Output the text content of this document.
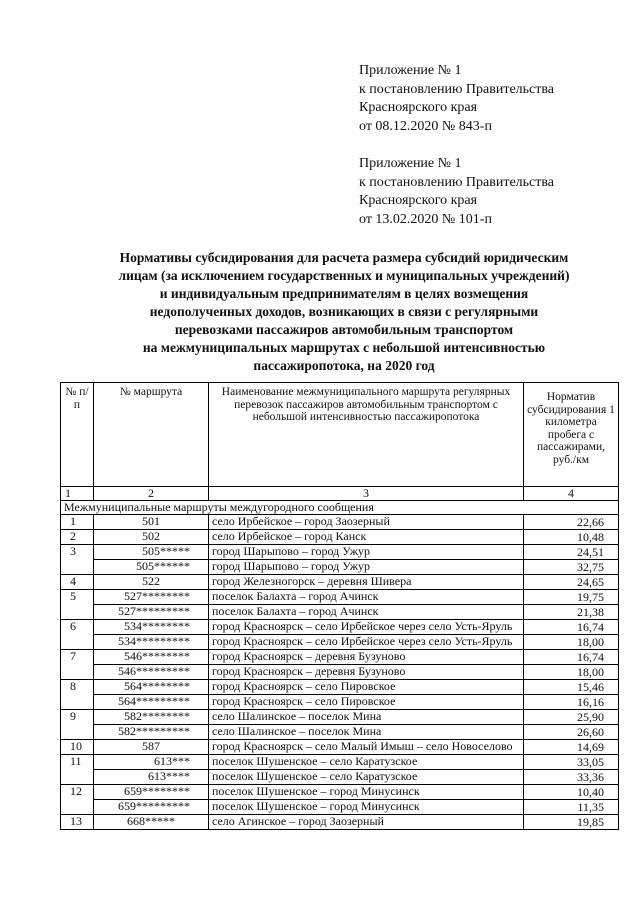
Приложение № 1
к постановлению Правительства
Красноярского края
от 08.12.2020 № 843-п
Приложение № 1
к постановлению Правительства
Красноярского края
от 13.02.2020 № 101-п
Нормативы субсидирования для расчета размера субсидий юридическим
лицам (за исключением государственных и муниципальных учреждений)
и индивидуальным предпринимателям в целях возмещения
недополученных доходов, возникающих в связи с регулярными
перевозками пассажиров автомобильным транспортом
на межмуниципальных маршрутах с небольшой интенсивностью
пассажиропотока, на 2020 год
№ п/п	№ маршрута	Наименование межмуниципального маршрута регулярных перевозок пассажиров автомобильным транспортом с небольшой интенсивностью пассажиропотока	Норматив субсидирования 1 километра пробега с пассажирами, руб./км
1	2	3	4
Межмуниципальные маршруты междугородного сообщения			
1	501	село Ирбейское – город Заозерный	22,66
2	502	село Ирбейское – город Канск	10,48
3	505*****	город Шарыпово – город Ужур	24,51
	505******	город Шарыпово – город Ужур	32,75
4	522	город Железногорск – деревня Шивера	24,65
5	527********	поселок Балахта – город Ачинск	19,75
	527*********	поселок Балахта – город Ачинск	21,38
6	534********	город Красноярск – село Ирбейское через село Усть-Яруль	16,74
	534*********	город Красноярск – село Ирбейское через село Усть-Яруль	18,00
7	546********	город Красноярск – деревня Бузуново	16,74
	546*********	город Красноярск – деревня Бузуново	18,00
8	564********	город Красноярск – село Пировское	15,46
	564*********	город Красноярск – село Пировское	16,16
9	582********	село Шалинское – поселок Мина	25,90
	582*********	село Шалинское – поселок Мина	26,60
10	587	город Красноярск – село Малый Имыш – село Новоселово	14,69
11	613***	поселок Шушенское – село Каратузское	33,05
	613****	поселок Шушенское – село Каратузское	33,36
12	659********	поселок Шушенское – город Минусинск	10,40
	659*********	поселок Шушенское – город Минусинск	11,35
13	668*****	село Агинское – город Заозерный	19,85
